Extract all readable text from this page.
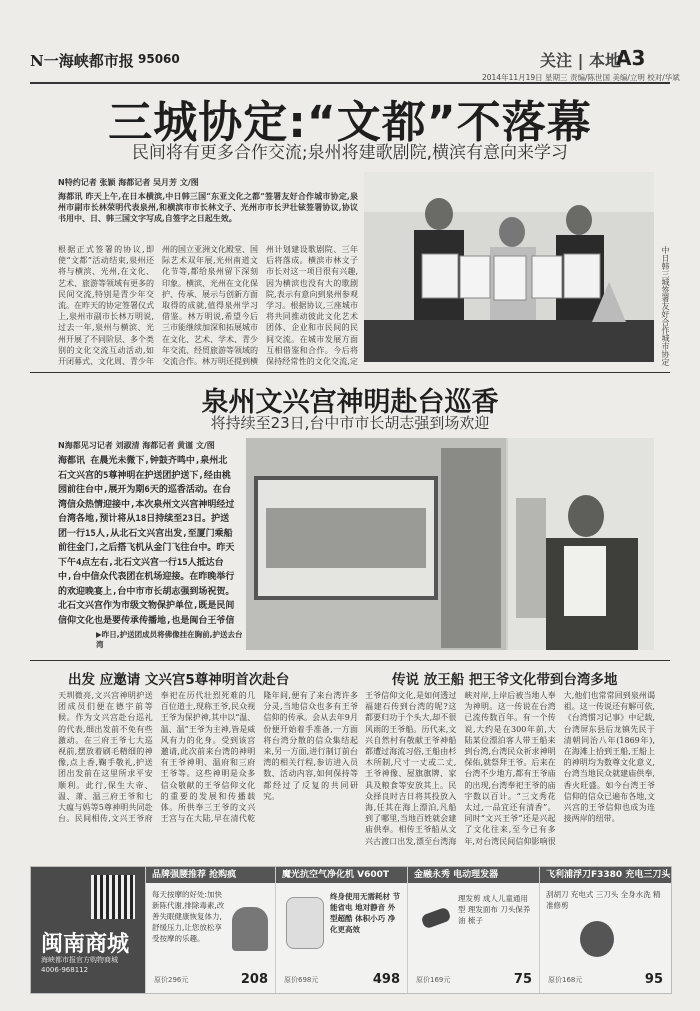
N一海峡都市报 95060	关注 | 本地
A3
2014年11月19日 星期三 责编/陈世国 美编/立明 校对/华斌
三城协定:“文都”不落幕
民间将有更多合作交流;泉州将建歌剧院,横滨有意向来学习
N特约记者 张颖 海都记者 吴月芳 文/图
海都讯 昨天上午,在日本横滨,中日韩三国“东亚文化之都”签署友好合作城市协定,泉州市副市长林荣明代表泉州,和横滨市市长林文子、光州市市长尹壮铉签署协议,协议书用中、日、韩三国文字写成,自签字之日起生效。
根据正式签署的协议,即使“文都”活动结束,泉州还将与横滨、光州,在文化、艺术、旅游等领域有更多的民间交流,特别是青少年交流。在昨天的协定签署仪式上,泉州市副市长林万明说,过去一年,泉州与横滨、光州开展了不同阶层、多个类别的文化交流互动活动,如开闭幕式、文化周、青少年
州的国立亚洲文化殿堂、国际艺术双年展,光州南道文化节等,都给泉州留下深刻印象。横滨、光州在文化保护、传承、展示与创新方面取得的成就,值得泉州学习借鉴。林万明说,希望今后三市能继续加深和拓展城市在文化、艺术、学术、青少年交流、经贸旅游等领域的交流合作。林万明还提到横
州计划建设歌剧院、三年后将落成。横滨市林文子市长对这一项目很有兴趣,因为横滨也没有大的歌剧院,表示有意向到泉州参观学习。根据协议,三座城市将共同推动彼此文化艺术团体、企业和市民间的民间交流。在城市发展方面互相借鉴和合作。今后将保持经常性的文化交流,定	中日韩三城签署友好合作城市协定
泉州文兴宫神明赴台巡香
将持续至23日,台中市市长胡志强到场欢迎
N海都见习记者 刘淑清 海都记者 黄谨 文/图
海都讯 在晨光未微下,钟鼓齐鸣中,泉州北石文兴宫的5尊神明在护送团护送下,经由桃园前往台中,展开为期6天的巡香活动。在台湾信众热情迎接中,本次泉州文兴宫神明经过台湾各地,预计将从18日持续至23日。护送团一行15人,从北石文兴宫出发,至厦门乘船前往金门,之后搭飞机从金门飞往台中。昨天下午4点左右,北石文兴宫一行15人抵达台中,台中信众代表团在机场迎接。在昨晚举行的欢迎晚宴上,台中市市长胡志强到场祝贺。北石文兴宫作为市级文物保护单位,既是民间信仰文化也是要传承传播地,也是闽台王爷信
▶昨日,护送团成员将佛像挂在胸前,护送去台湾
出发 应邀请 文兴宫5尊神明首次赴台	传说 放王船 把王爷文化带到台湾多地
天圳微亮,文兴宫神明护送团成员们便在德宇前等候。作为文兴宫赴台巡礼的代表,细出发前不免有些激动。在三府王爷七大巡视前,摆放着刷毛精细的神像,点上香,鞠手敬礼,护送团出发前在这里所求平安顺利。此行,保生大帝、温、萧、温三府王爷和七大瘟与妈等5尊神明共同赴台。民间相传,文兴王爷府奉祀在历代壮烈死难的几百位道士,现称王爷,民众视王爷为保护神,其中以“温、温、温”王爷为主神,皆是威风有力的化身。受到该宫邀请,此次前来台湾的神明有王爷神明、温府和三府王爷等。这些神明是众多信众敬献的王爷信仰文化的重要的发展和传播载体。所供奉三王爷的文兴王宫与在大陆,早在清代乾隆年间,便有了来台湾许多分灵,当地信众也多有王爷信仰的传承。会从去年9月份便开始着手准备,一方面将台湾分散的信众集结起来,另一方面,进行制订前台湾的相关行程,参访进入员数、活动内容,如何保持等都经过了反复的共同研究。
王爷信仰文化,是如何透过福建石传到台湾的呢?这都要归功于个头大,却不很风雨的王爷船。历代来,文兴自然村有敬献王爷神船都遭过海流习俗,王船由杉木所制,尺寸一丈或二丈,王爷神像、屋旗旗牌、家具及粮食等安放其上。民众择良时吉日将其投放入海,任其在海上漂泊,凡船到了哪里,当地百姓就会建庙供奉。相传王爷船从文兴古渡口出发,漂至台湾海峡对岸,上岸后被当地人奉为神明。这一传说在台湾已流传数百年。有一个传说,大约是在300年前,大陆某位漂泊客人带王船来到台湾,台湾民众祈求神明保佑,就祭拜王爷。后来在台湾不少地方,都有王爷庙的出现,台湾奉祀王爷的庙宇数以百计。“三文秀花太过,一品宜还有清香”。同时“文兴王爷”还是兴起了文化往来,至今已有多年,对台湾民间信仰影响很大,他们也常常回到泉州谒祖。这一传说还有解可依,《台湾惯习记事》中记载,台湾屏东县后龙镇先民于清朝同治八年(1869年),在海滩上拾到王船,王船上的神明均为数尊文化意义,台湾当地民众就建庙供奉,香火旺盛。如今台湾王爷信仰的信众已遍布各地,文兴宫的王爷信仰也成为连接两岸的纽带。
闽南商城
海峡都市报官方购物商城
4006-968112
品牌强腰推荐 抢购疯
每天按摩的好处:加快新陈代谢,排除毒素,改善失眠健康恢复体力,舒缓压力,让您放松享受按摩的乐趣。
原价296元	208
魔光抗空气净化机 V600T
终身使用无需耗材 节能省电 地对静音 外型超酷 体积小巧 净化更高效
原价698元	498
金融永秀 电动理发器
理发剪 成人儿童通用型 理发面布 刀头保养油 梳子
原价169元	75
飞利浦浮刀F3380 充电三刀头
刮胡刀 充电式 三刀头 全身水洗 精准修剪
原价168元	95
